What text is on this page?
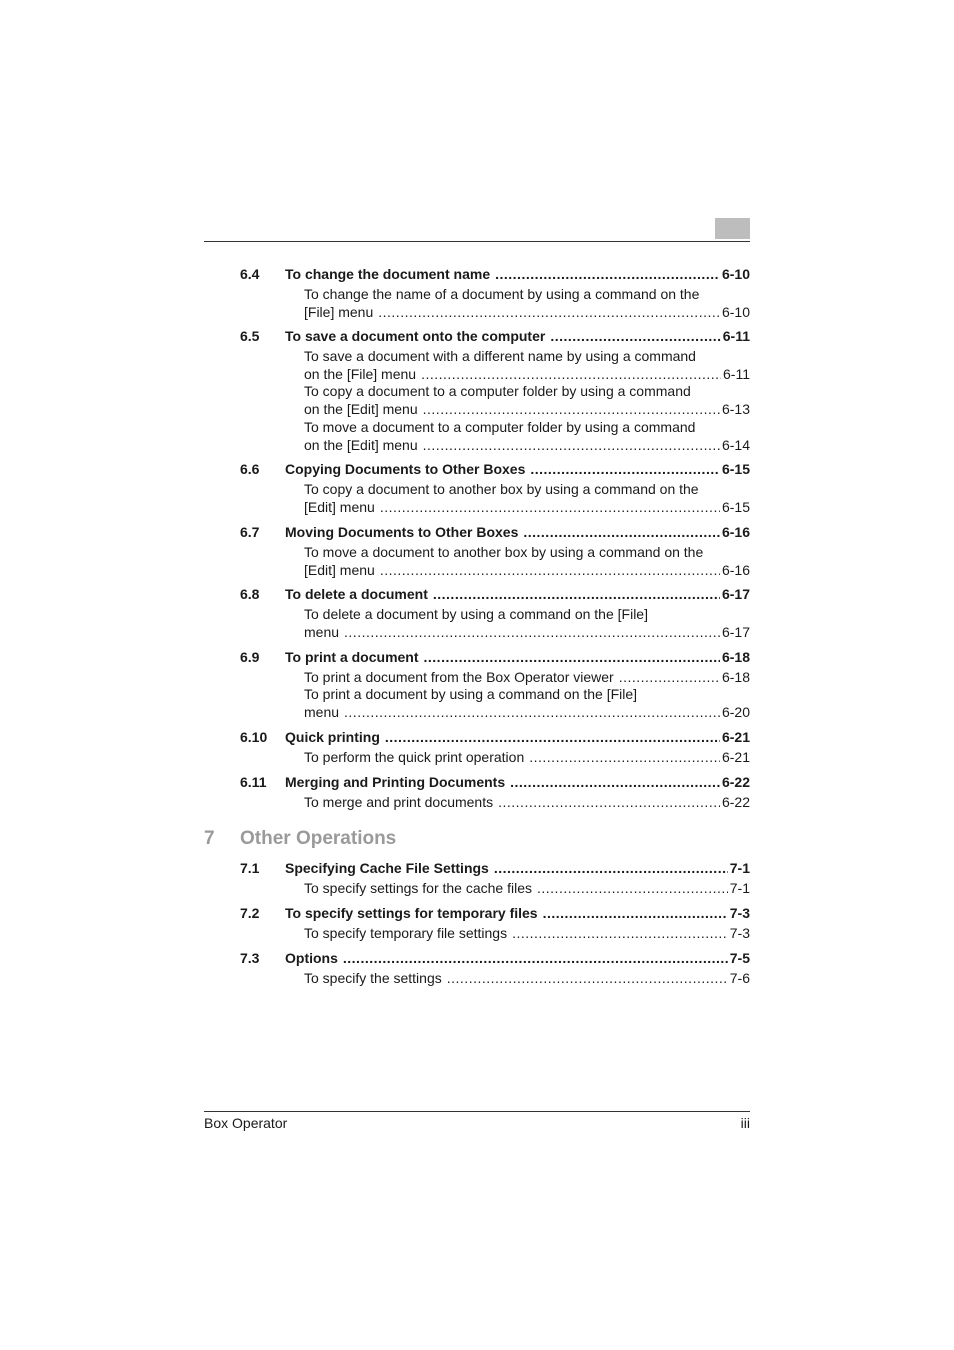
6.4	To change the document name .....	6-10
To change the name of a document by using a command on the
[File] menu .....	6-10
6.5	To save a document onto the computer .....	6-11
To save a document with a different name by using a command
on the [File] menu .....	6-11
To copy a document to a computer folder by using a command
on the [Edit] menu .....	6-13
To move a document to a computer folder by using a command
on the [Edit] menu .....	6-14
6.6	Copying Documents to Other Boxes .....	6-15
To copy a document to another box by using a command on the
[Edit] menu .....	6-15
6.7	Moving Documents to Other Boxes .....	6-16
To move a document to another box by using a command on the
[Edit] menu .....	6-16
6.8	To delete a document .....	6-17
To delete a document by using a command on the [File]
menu .....	6-17
6.9	To print a document .....	6-18
To print a document from the Box Operator viewer .....	6-18
To print a document by using a command on the [File]
menu .....	6-20
6.10	Quick printing .....	6-21
To perform the quick print operation .....	6-21
6.11	Merging and Printing Documents .....	6-22
To merge and print documents .....	6-22
7.1	Specifying Cache File Settings .....	7-1
To specify settings for the cache files .....	7-1
7.2	To specify settings for temporary files .....	7-3
To specify temporary file settings .....	7-3
7.3	Options .....	7-5
To specify the settings .....	7-6
7	Other Operations
Box Operator	iii
